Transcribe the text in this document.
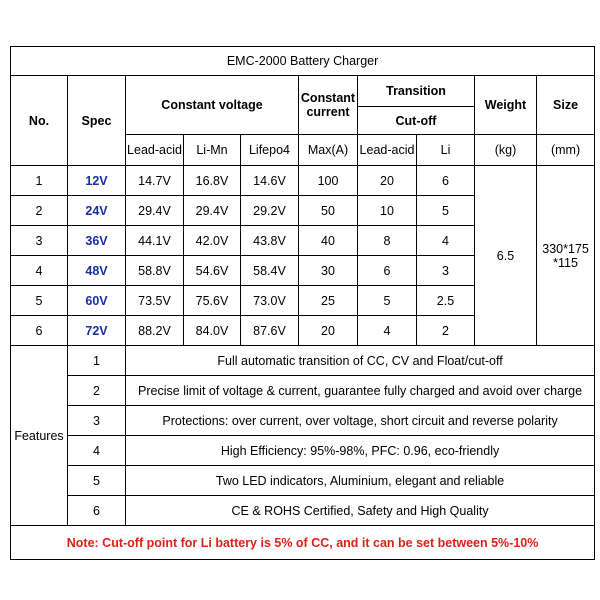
EMC-2000 Battery Charger									
No.	Spec	Constant voltage			Constant current	Transition		Weight	Size
						Cut-off			
		Lead-acid	Li-Mn	Lifepo4	Max(A)	Lead-acid	Li	(kg)	(mm)
1	12V	14.7V	16.8V	14.6V	100	20	6	6.5	330*175 *115
2	24V	29.4V	29.4V	29.2V	50	10	5		
3	36V	44.1V	42.0V	43.8V	40	8	4		
4	48V	58.8V	54.6V	58.4V	30	6	3		
5	60V	73.5V	75.6V	73.0V	25	5	2.5		
6	72V	88.2V	84.0V	87.6V	20	4	2		
Features	1	Full automatic transition of CC, CV and Float/cut-off							
	2	Precise limit of voltage & current, guarantee fully charged and avoid over charge							
	3	Protections: over current, over voltage, short circuit and reverse polarity							
	4	High Efficiency: 95%-98%, PFC: 0.96, eco-friendly							
	5	Two LED indicators, Aluminium, elegant and reliable							
	6	CE & ROHS Certified, Safety and High Quality							
Note: Cut-off point for Li battery is 5% of CC, and it can be set between 5%-10%									
